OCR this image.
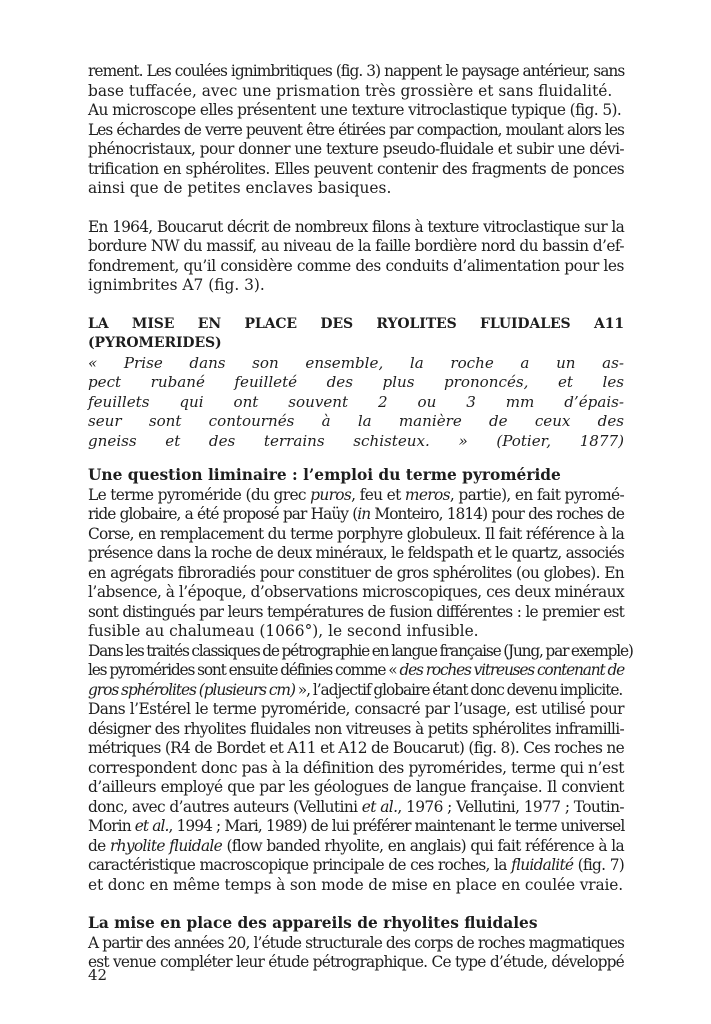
rement. Les coulées ignimbritiques (fig. 3) nappent le paysage antérieur, sans
base tuffacée, avec une prismation très grossière et sans fluidalité.

Au microscope elles présentent une texture vitroclastique typique (fig. 5).
Les échardes de verre peuvent être étirées par compaction, moulant alors les
phénocristaux, pour donner une texture pseudo-fluidale et subir une dévi-
trification en sphérolites. Elles peuvent contenir des fragments de ponces
ainsi que de petites enclaves basiques.

En 1964, Boucarut décrit de nombreux filons à texture vitroclastique sur la
bordure NW du massif, au niveau de la faille bordière nord du bassin d’ef-
fondrement, qu’il considère comme des conduits d’alimentation pour les
ignimbrites A7 (fig. 3).

LA MISE EN PLACE DES RYOLITES FLUIDALES A11 (PYROMERIDES)

« Prise dans son ensemble, la roche a un as-
pect rubané feuilleté des plus prononcés, et les
feuillets qui ont souvent 2 ou 3 mm d’épais-
seur sont contournés à la manière de ceux des
gneiss et des terrains schisteux. » (Potier, 1877)

Une question liminaire : l’emploi du terme pyroméride

Le terme pyroméride (du grec puros, feu et meros, partie), en fait pyromé-
ride globaire, a été proposé par Haüy (in Monteiro, 1814) pour des roches de
Corse, en remplacement du terme porphyre globuleux. Il fait référence à la
présence dans la roche de deux minéraux, le feldspath et le quartz, associés
en agrégats fibroradiés pour constituer de gros sphérolites (ou globes). En
l’absence, à l’époque, d’observations microscopiques, ces deux minéraux
sont distingués par leurs températures de fusion différentes : le premier est
fusible au chalumeau (1066°), le second infusible.

Dans les traités classiques de pétrographie en langue française (Jung, par exemple)
les pyromérides sont ensuite définies comme « des roches vitreuses contenant de
gros sphérolites (plusieurs cm) », l’adjectif globaire étant donc devenu implicite.

Dans l’Estérel le terme pyroméride, consacré par l’usage, est utilisé pour
désigner des rhyolites fluidales non vitreuses à petits sphérolites inframilli-
métriques (R4 de Bordet et A11 et A12 de Boucarut) (fig. 8). Ces roches ne
correspondent donc pas à la définition des pyromérides, terme qui n’est
d’ailleurs employé que par les géologues de langue française. Il convient
donc, avec d’autres auteurs (Vellutini et al., 1976 ; Vellutini, 1977 ; Toutin-
Morin et al., 1994 ; Mari, 1989) de lui préférer maintenant le terme universel
de rhyolite fluidale (flow banded rhyolite, en anglais) qui fait référence à la
caractéristique macroscopique principale de ces roches, la fluidalité (fig. 7)
et donc en même temps à son mode de mise en place en coulée vraie.

La mise en place des appareils de rhyolites fluidales

A partir des années 20, l’étude structurale des corps de roches magmatiques
est venue compléter leur étude pétrographique. Ce type d’étude, développé

42
